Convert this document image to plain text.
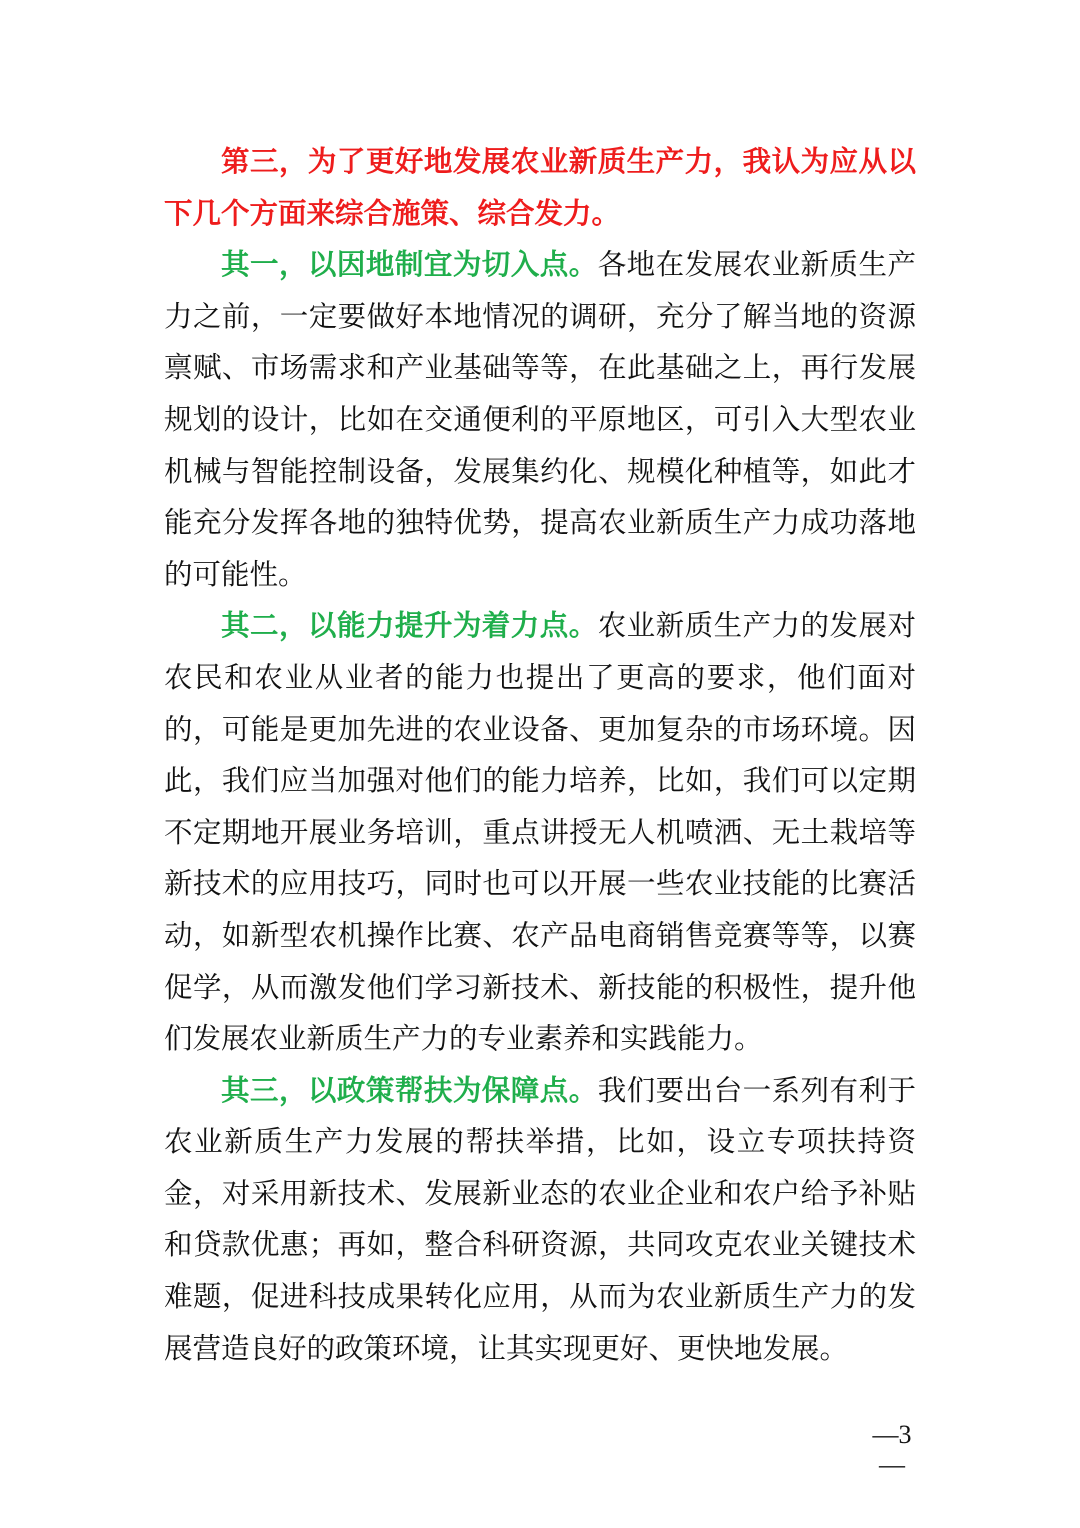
第三，为了更好地发展农业新质生产力，我认为应从以下几个方面来综合施策、综合发力。

其一，以因地制宜为切入点。各地在发展农业新质生产力之前，一定要做好本地情况的调研，充分了解当地的资源禀赋、市场需求和产业基础等等，在此基础之上，再行发展规划的设计，比如在交通便利的平原地区，可引入大型农业机械与智能控制设备，发展集约化、规模化种植等，如此才能充分发挥各地的独特优势，提高农业新质生产力成功落地的可能性。

其二，以能力提升为着力点。农业新质生产力的发展对农民和农业从业者的能力也提出了更高的要求，他们面对的，可能是更加先进的农业设备、更加复杂的市场环境。因此，我们应当加强对他们的能力培养，比如，我们可以定期不定期地开展业务培训，重点讲授无人机喷洒、无土栽培等新技术的应用技巧，同时也可以开展一些农业技能的比赛活动，如新型农机操作比赛、农产品电商销售竞赛等等，以赛促学，从而激发他们学习新技术、新技能的积极性，提升他们发展农业新质生产力的专业素养和实践能力。

其三，以政策帮扶为保障点。我们要出台一系列有利于农业新质生产力发展的帮扶举措，比如，设立专项扶持资金，对采用新技术、发展新业态的农业企业和农户给予补贴和贷款优惠；再如，整合科研资源，共同攻克农业关键技术难题，促进科技成果转化应用，从而为农业新质生产力的发展营造良好的政策环境，让其实现更好、更快地发展。

—3—
